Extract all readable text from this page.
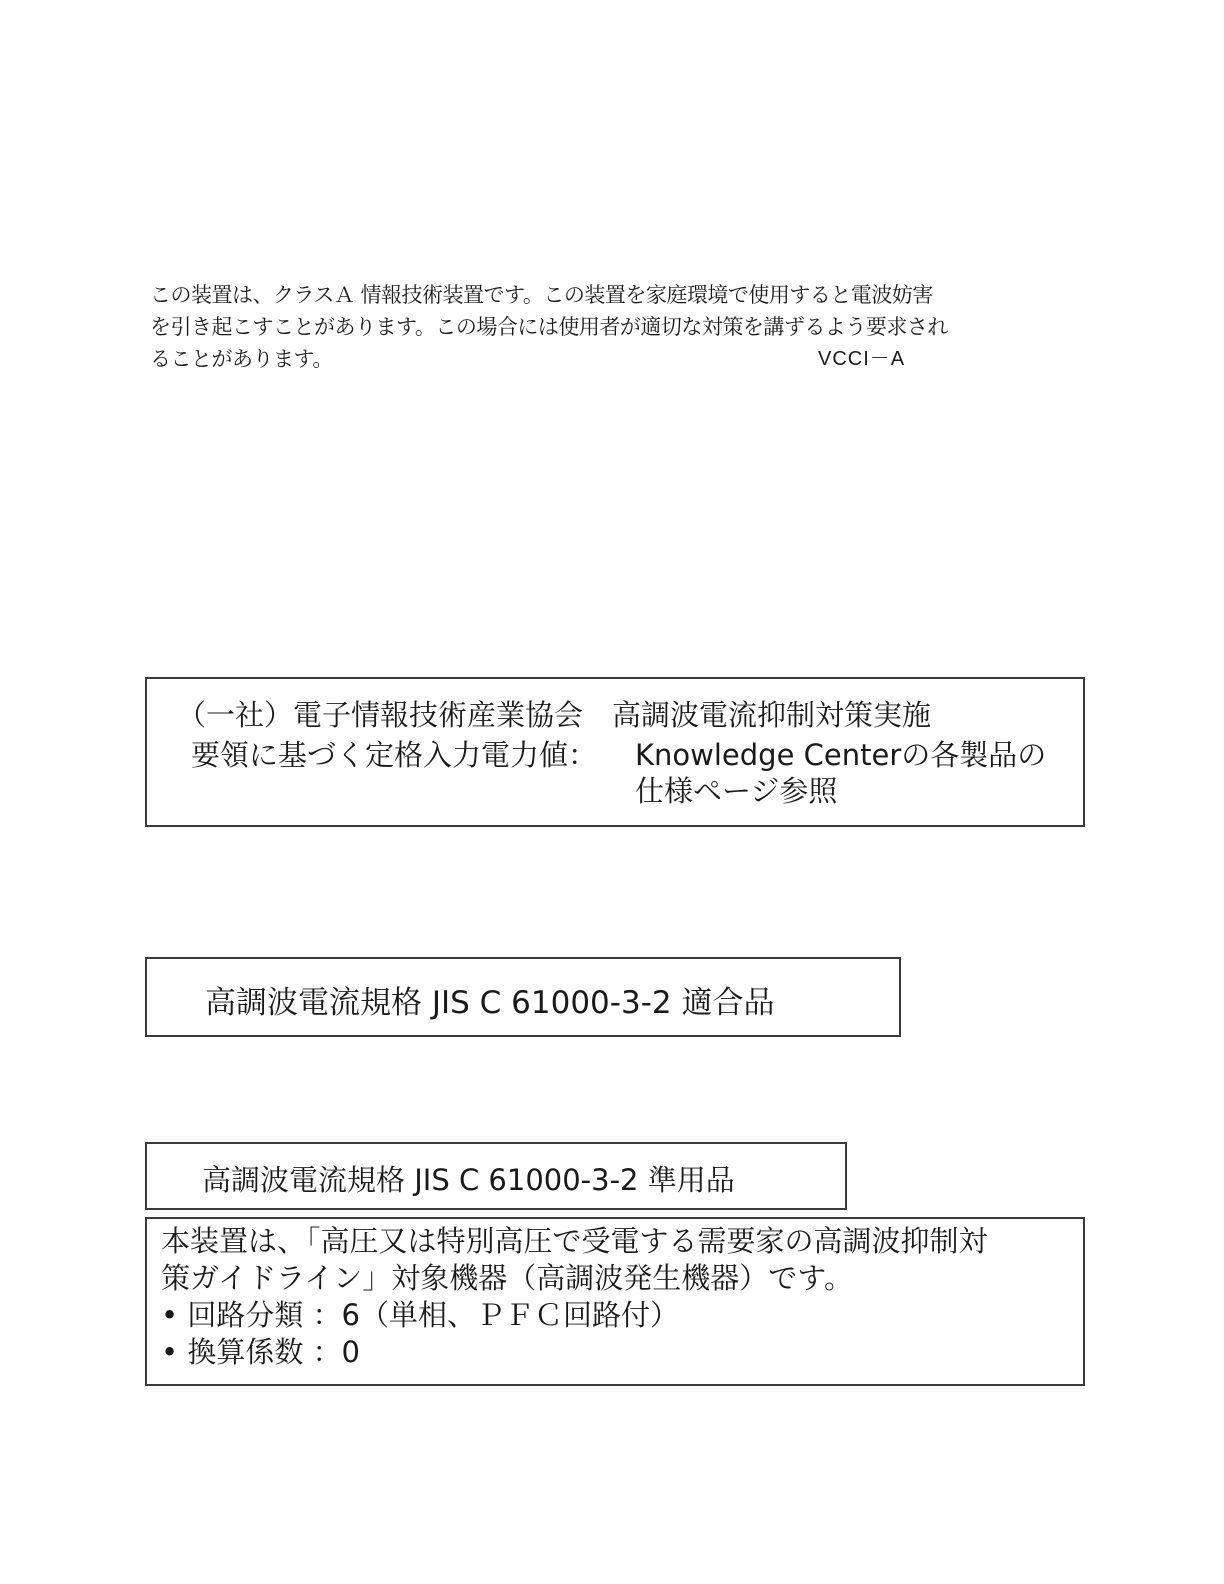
この装置は、クラスＡ 情報技術装置です。この装置を家庭環境で使用すると電波妨害
を引き起こすことがあります。この場合には使用者が適切な対策を講ずるよう要求され
ることがあります。	VCCI－A
（一社）電子情報技術産業協会　高調波電流抑制対策実施
要領に基づく定格入力電力値： Knowledge Centerの各製品の
仕様ページ参照
高調波電流規格 JIS C 61000-3-2 適合品
高調波電流規格 JIS C 61000-3-2 準用品
本装置は、「高圧又は特別高圧で受電する需要家の高調波抑制対
策ガイドライン」対象機器（高調波発生機器）です。
• 回路分類 ：6（単相、ＰＦＣ回路付）
• 換算係数 ：0
